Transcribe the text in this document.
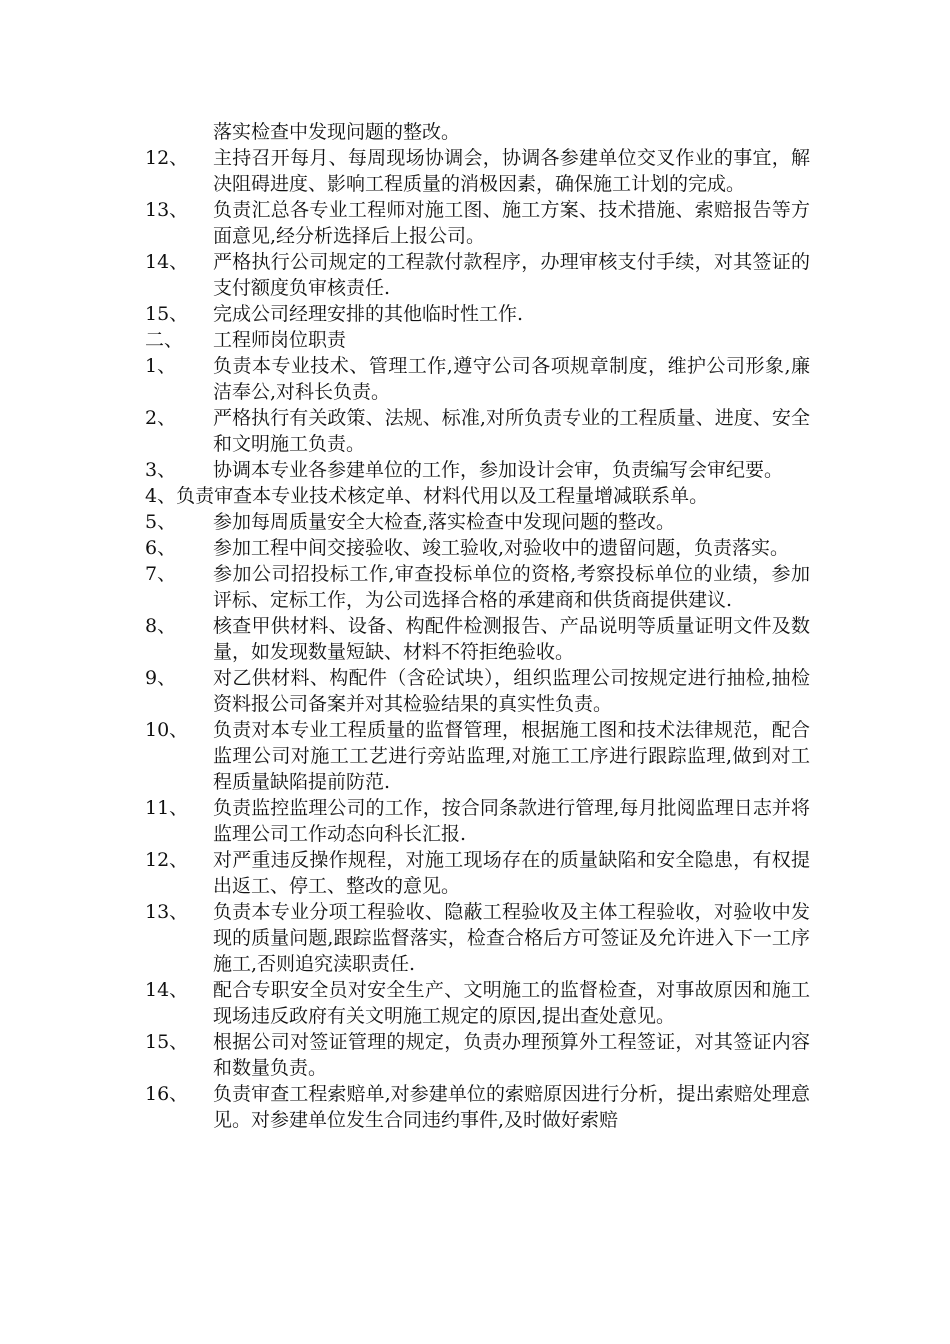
落实检查中发现问题的整改。
12、	主持召开每月、每周现场协调会，协调各参建单位交叉作业的事宜，解决阻碍进度、影响工程质量的消极因素，确保施工计划的完成。
13、	负责汇总各专业工程师对施工图、施工方案、技术措施、索赔报告等方面意见,经分析选择后上报公司。
14、	严格执行公司规定的工程款付款程序，办理审核支付手续，对其签证的支付额度负审核责任.
15、	完成公司经理安排的其他临时性工作.
二、	工程师岗位职责
1、	负责本专业技术、管理工作,遵守公司各项规章制度，维护公司形象,廉洁奉公,对科长负责。
2、	严格执行有关政策、法规、标准,对所负责专业的工程质量、进度、安全和文明施工负责。
3、	协调本专业各参建单位的工作，参加设计会审，负责编写会审纪要。
4、负责审查本专业技术核定单、材料代用以及工程量增减联系单。
5、	参加每周质量安全大检查,落实检查中发现问题的整改。
6、	参加工程中间交接验收、竣工验收,对验收中的遗留问题，负责落实。
7、	参加公司招投标工作,审查投标单位的资格,考察投标单位的业绩，参加评标、定标工作，为公司选择合格的承建商和供货商提供建议.
8、	核查甲供材料、设备、构配件检测报告、产品说明等质量证明文件及数量，如发现数量短缺、材料不符拒绝验收。
9、	对乙供材料、构配件（含砼试块），组织监理公司按规定进行抽检,抽检资料报公司备案并对其检验结果的真实性负责。
10、	负责对本专业工程质量的监督管理，根据施工图和技术法律规范，配合监理公司对施工工艺进行旁站监理,对施工工序进行跟踪监理,做到对工程质量缺陷提前防范.
11、	负责监控监理公司的工作，按合同条款进行管理,每月批阅监理日志并将监理公司工作动态向科长汇报.
12、	对严重违反操作规程，对施工现场存在的质量缺陷和安全隐患，有权提出返工、停工、整改的意见。
13、	负责本专业分项工程验收、隐蔽工程验收及主体工程验收，对验收中发现的质量问题,跟踪监督落实，检查合格后方可签证及允许进入下一工序施工,否则追究渎职责任.
14、	配合专职安全员对安全生产、文明施工的监督检查，对事故原因和施工现场违反政府有关文明施工规定的原因,提出查处意见。
15、	根据公司对签证管理的规定，负责办理预算外工程签证，对其签证内容和数量负责。
16、	负责审查工程索赔单,对参建单位的索赔原因进行分析，提出索赔处理意见。对参建单位发生合同违约事件,及时做好索赔
